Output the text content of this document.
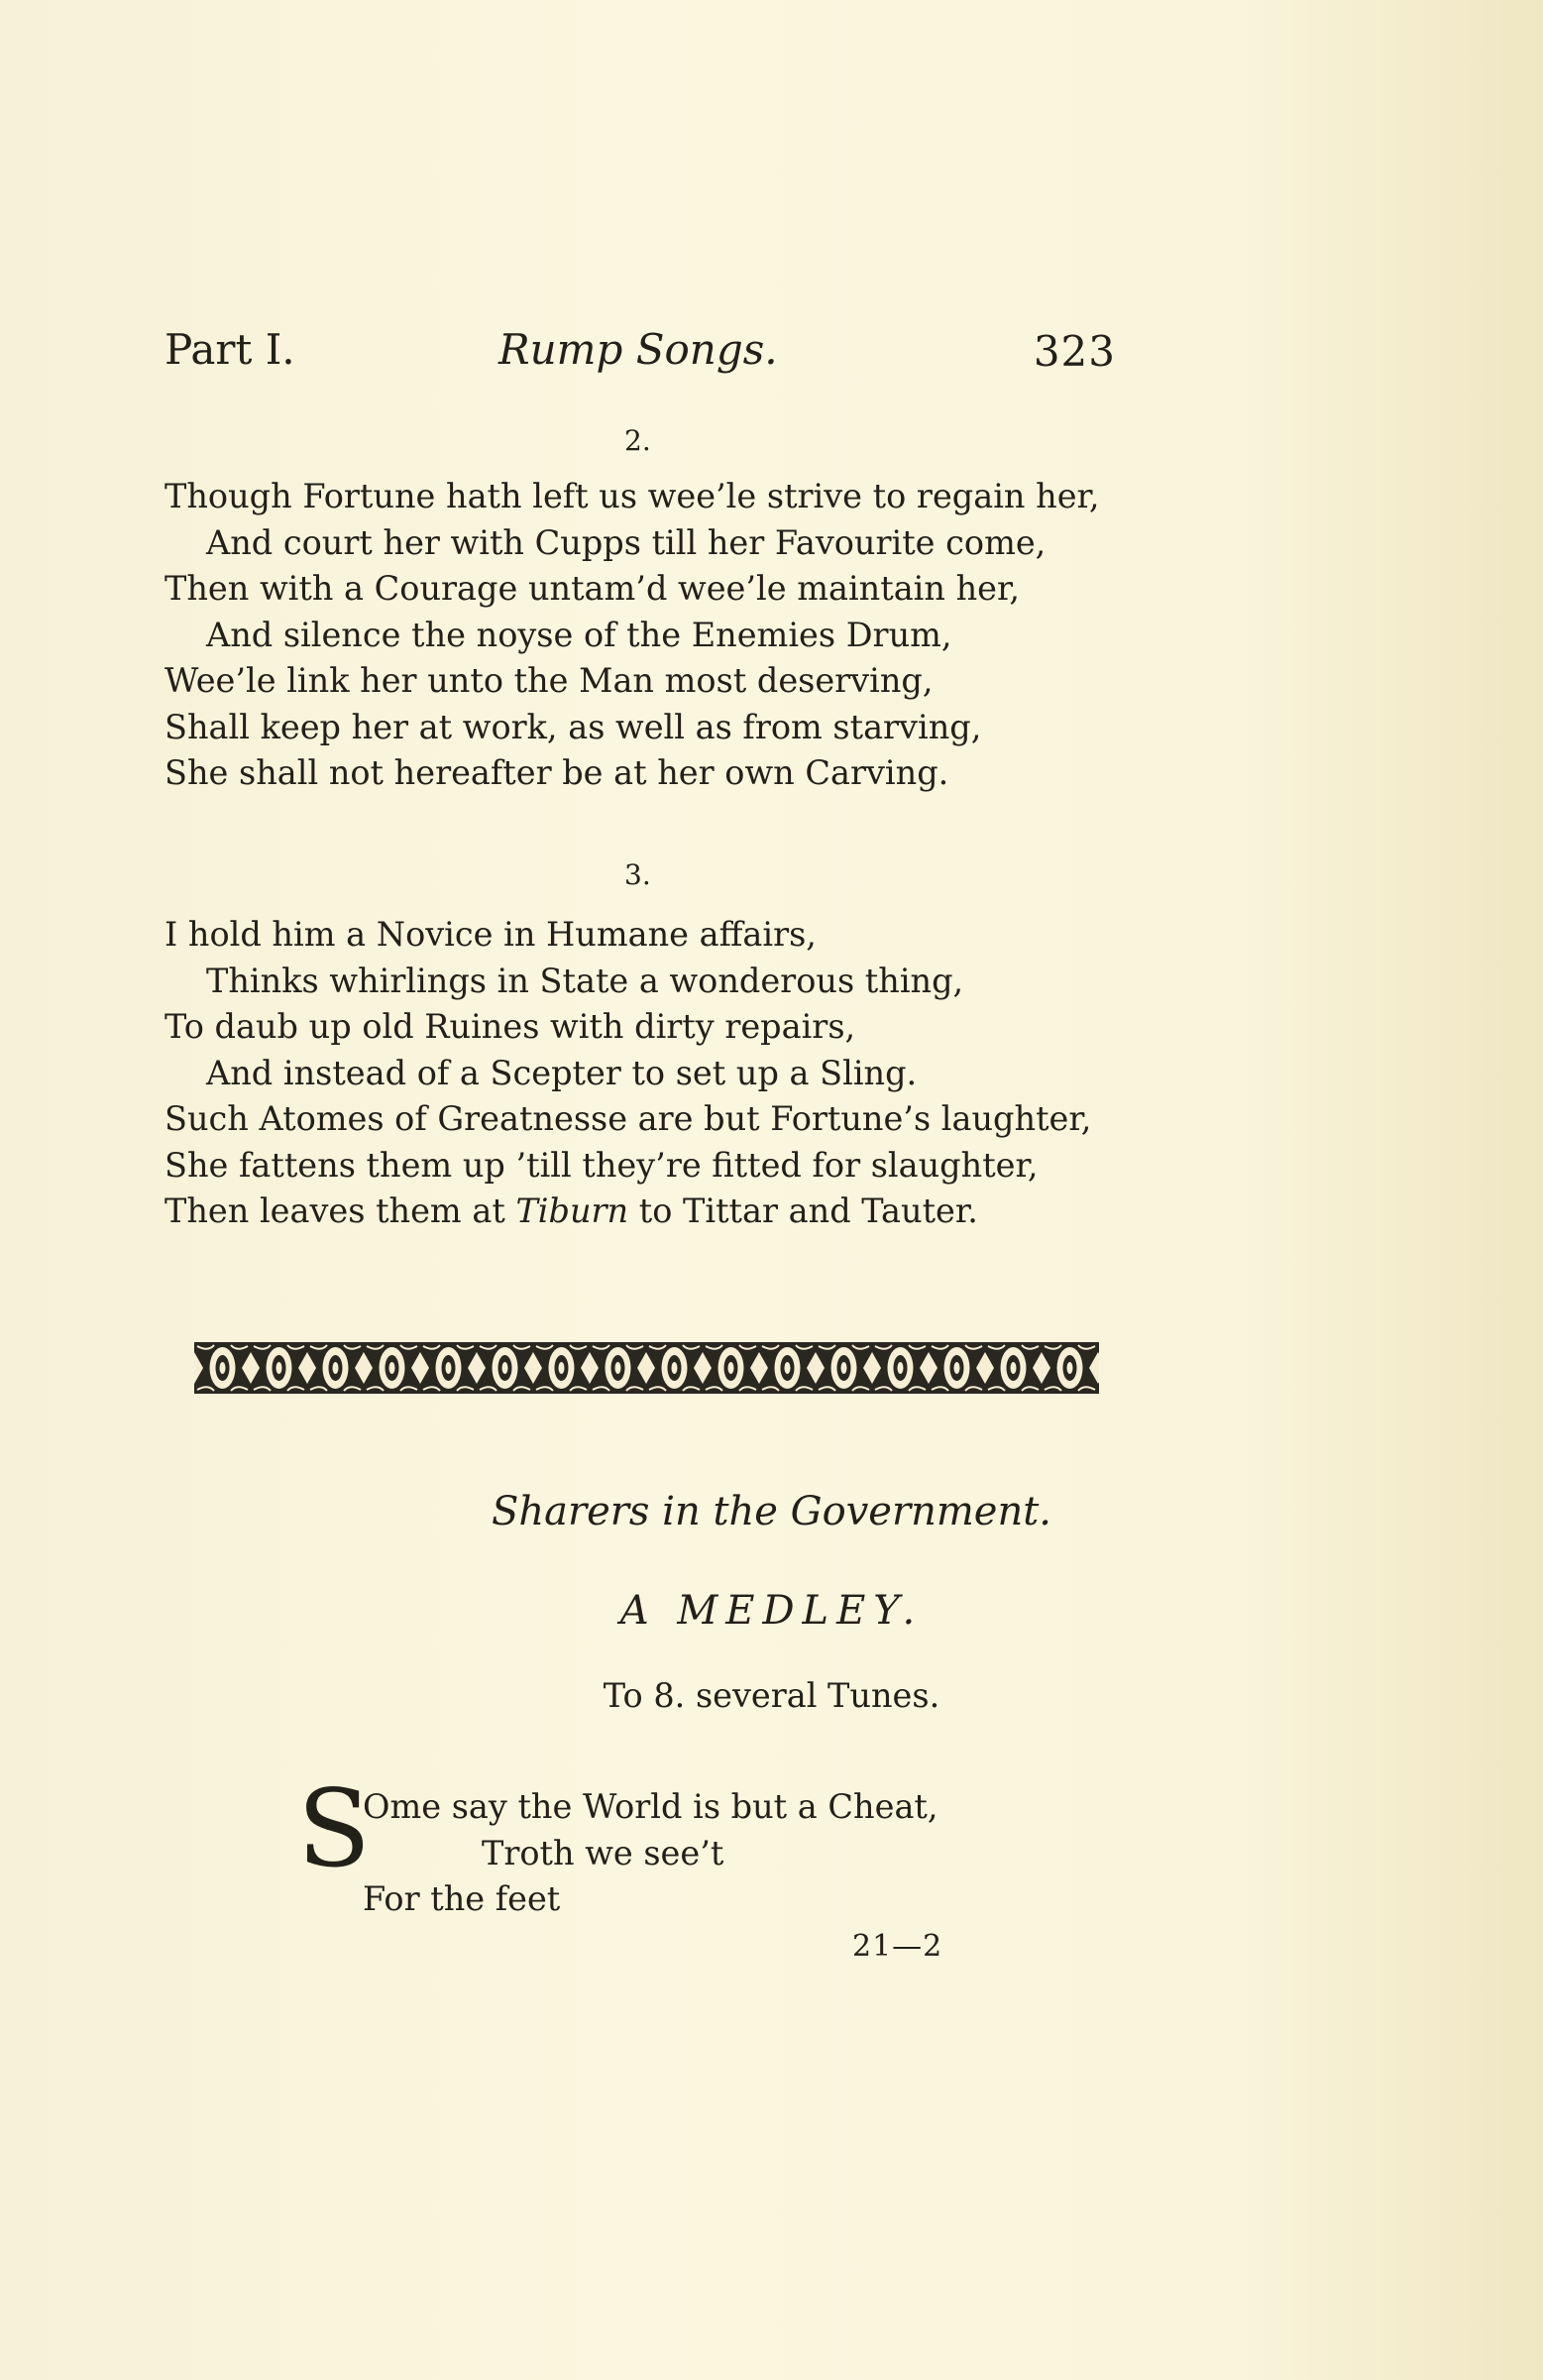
Part I.	Rump Songs.	323
2.
Though Fortune hath left us wee’le strive to regain her,
And court her with Cupps till her Favourite come,
Then with a Courage untam’d wee’le maintain her,
And silence the noyse of the Enemies Drum,
Wee’le link her unto the Man most deserving,
Shall keep her at work, as well as from starving,
She shall not hereafter be at her own Carving.
3.
I hold him a Novice in Humane affairs,
Thinks whirlings in State a wonderous thing,
To daub up old Ruines with dirty repairs,
And instead of a Scepter to set up a Sling.
Such Atomes of Greatnesse are but Fortune’s laughter,
She fattens them up ’till they’re fitted for slaughter,
Then leaves them at Tiburn to Tittar and Tauter.
Sharers in the Government.
A MEDLEY.
To 8. several Tunes.
S
Ome say the World is but a Cheat,
Troth we see’t
For the feet
21—2
